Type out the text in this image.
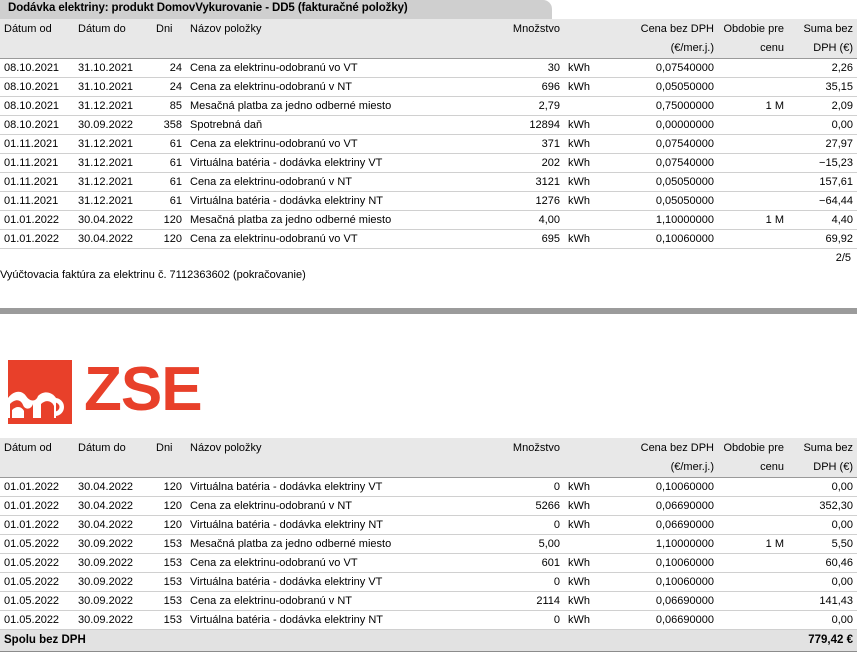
Dodávka elektriny: produkt DomovVykurovanie - DD5 (fakturačné položky)
Dátum od	Dátum do	Dni	Názov položky	Množstvo		Cena bez DPH	Obdobie pre	Suma bez
						(€/mer.j.)	cenu	DPH (€)
08.10.2021	31.10.2021	24	Cena za elektrinu-odobranú vo VT	30	kWh	0,07540000		2,26
08.10.2021	31.10.2021	24	Cena za elektrinu-odobranú v NT	696	kWh	0,05050000		35,15
08.10.2021	31.12.2021	85	Mesačná platba za jedno odberné miesto	2,79		0,75000000	1 M	2,09
08.10.2021	30.09.2022	358	Spotrebná daň	12894	kWh	0,00000000		0,00
01.11.2021	31.12.2021	61	Cena za elektrinu-odobranú vo VT	371	kWh	0,07540000		27,97
01.11.2021	31.12.2021	61	Virtuálna batéria - dodávka elektriny VT	202	kWh	0,07540000		−15,23
01.11.2021	31.12.2021	61	Cena za elektrinu-odobranú v NT	3121	kWh	0,05050000		157,61
01.11.2021	31.12.2021	61	Virtuálna batéria - dodávka elektriny NT	1276	kWh	0,05050000		−64,44
01.01.2022	30.04.2022	120	Mesačná platba za jedno odberné miesto	4,00		1,10000000	1 M	4,40
01.01.2022	30.04.2022	120	Cena za elektrinu-odobranú vo VT	695	kWh	0,10060000		69,92
2/5
Vyúčtovacia faktúra za elektrinu č. 7112363602 (pokračovanie)
ZSE
Dátum od	Dátum do	Dni	Názov položky	Množstvo		Cena bez DPH	Obdobie pre	Suma bez
						(€/mer.j.)	cenu	DPH (€)
01.01.2022	30.04.2022	120	Virtuálna batéria - dodávka elektriny VT	0	kWh	0,10060000		0,00
01.01.2022	30.04.2022	120	Cena za elektrinu-odobranú v NT	5266	kWh	0,06690000		352,30
01.01.2022	30.04.2022	120	Virtuálna batéria - dodávka elektriny NT	0	kWh	0,06690000		0,00
01.05.2022	30.09.2022	153	Mesačná platba za jedno odberné miesto	5,00		1,10000000	1 M	5,50
01.05.2022	30.09.2022	153	Cena za elektrinu-odobranú vo VT	601	kWh	0,10060000		60,46
01.05.2022	30.09.2022	153	Virtuálna batéria - dodávka elektriny VT	0	kWh	0,10060000		0,00
01.05.2022	30.09.2022	153	Cena za elektrinu-odobranú v NT	2114	kWh	0,06690000		141,43
01.05.2022	30.09.2022	153	Virtuálna batéria - dodávka elektriny NT	0	kWh	0,06690000		0,00
Spolu bez DPH							779,42 €	
